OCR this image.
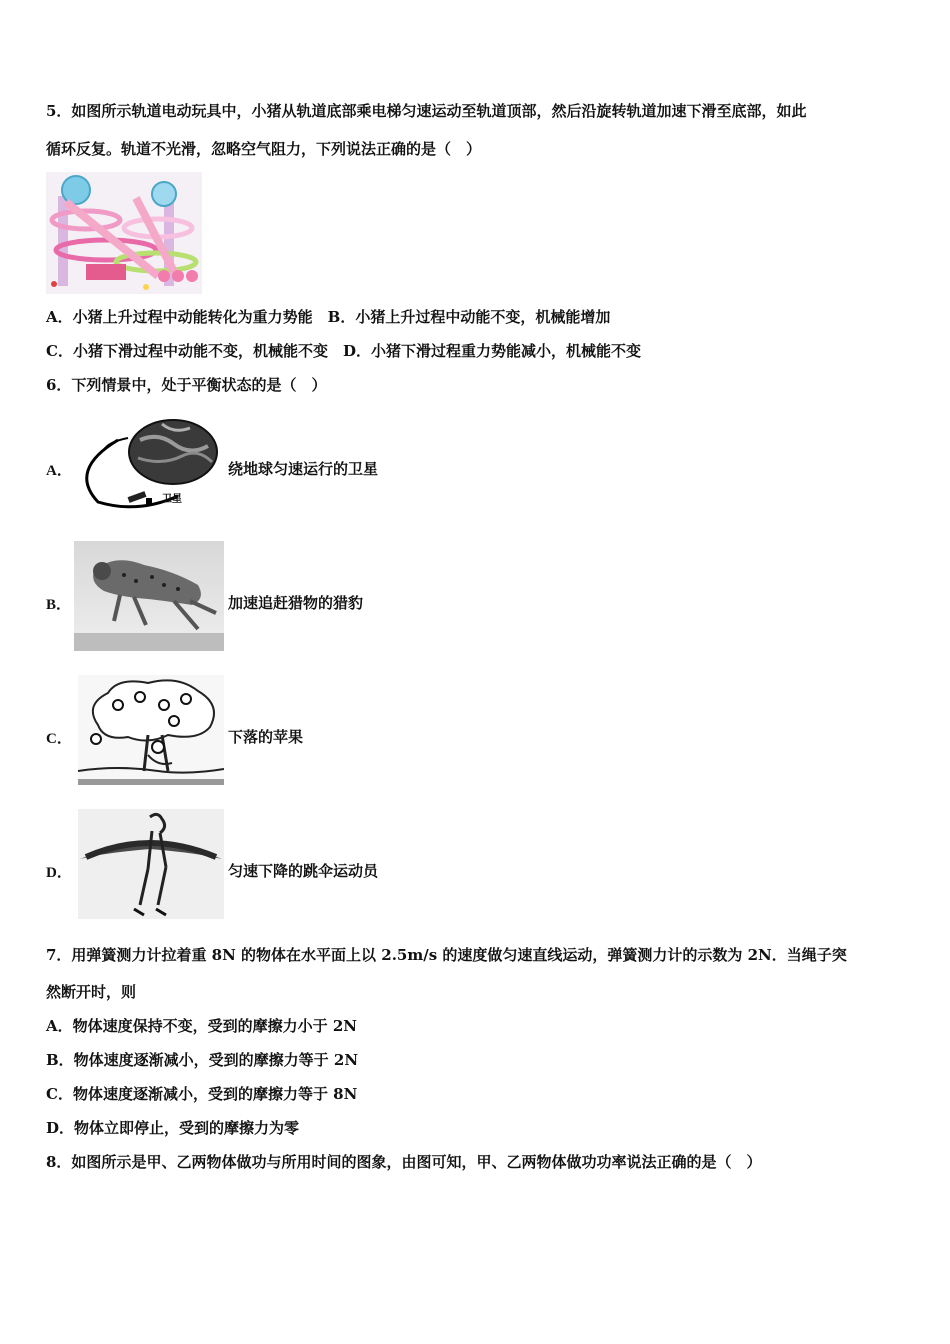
5．如图所示轨道电动玩具中，小猪从轨道底部乘电梯匀速运动至轨道顶部，然后沿旋转轨道加速下滑至底部，如此
循环反复。轨道不光滑，忽略空气阻力，下列说法正确的是（　）
A．小猪上升过程中动能转化为重力势能　B．小猪上升过程中动能不变，机械能增加
C．小猪下滑过程中动能不变，机械能不变　D．小猪下滑过程重力势能减小，机械能不变
6．下列情景中，处于平衡状态的是（　）
A．
卫星
绕地球匀速运行的卫星
B．	加速追赶猎物的猎豹
C．	下落的苹果
D．	匀速下降的跳伞运动员
7．用弹簧测力计拉着重 8N 的物体在水平面上以 2.5m/s 的速度做匀速直线运动，弹簧测力计的示数为 2N．当绳子突
然断开时，则
A．物体速度保持不变，受到的摩擦力小于 2N
B．物体速度逐渐减小，受到的摩擦力等于 2N
C．物体速度逐渐减小，受到的摩擦力等于 8N
D．物体立即停止，受到的摩擦力为零
8．如图所示是甲、乙两物体做功与所用时间的图象，由图可知，甲、乙两物体做功功率说法正确的是（　）
